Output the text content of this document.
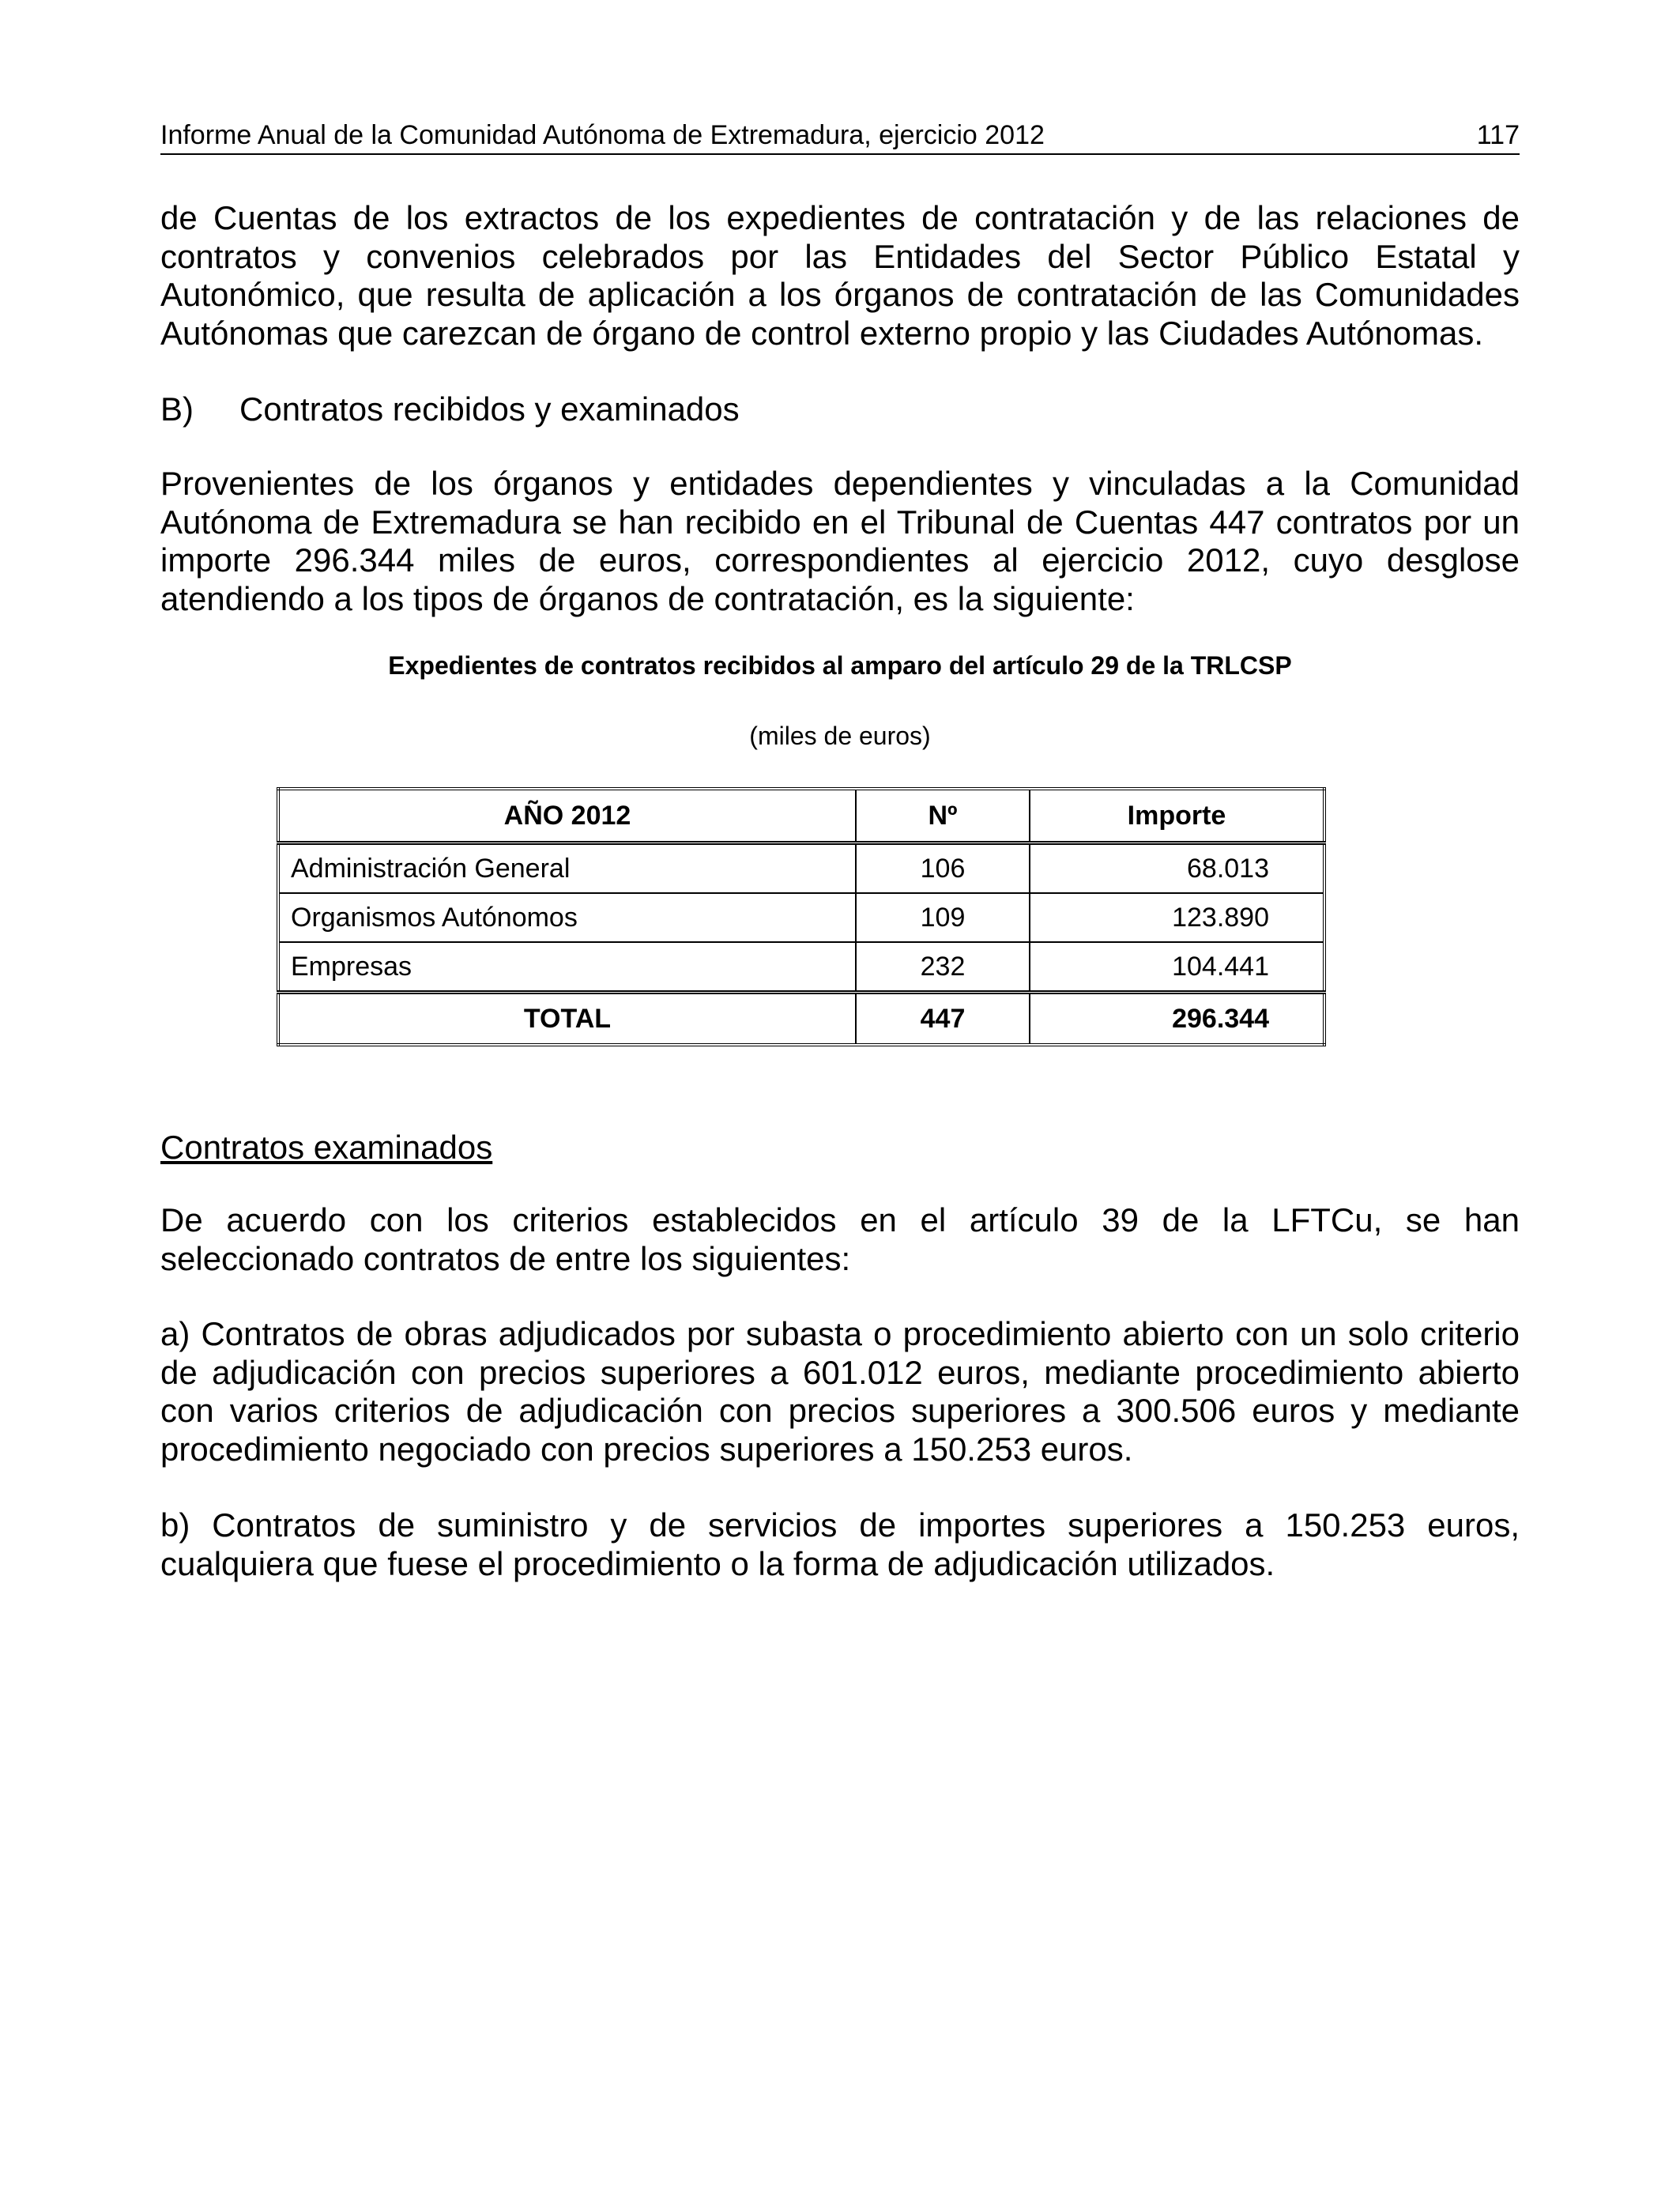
Informe Anual de la Comunidad Autónoma de Extremadura, ejercicio 2012	117

de Cuentas de los extractos de los expedientes de contratación y de las relaciones de contratos y convenios celebrados por las Entidades del Sector Público Estatal y Autonómico, que resulta de aplicación a los órganos de contratación de las Comunidades Autónomas que carezcan de órgano de control externo propio y las Ciudades Autónomas.

B) Contratos recibidos y examinados

Provenientes de los órganos y entidades dependientes y vinculadas a la Comunidad Autónoma de Extremadura se han recibido en el Tribunal de Cuentas 447 contratos por un importe 296.344 miles de euros, correspondientes al ejercicio 2012, cuyo desglose atendiendo a los tipos de órganos de contratación, es la siguiente:

Expedientes de contratos recibidos al amparo del artículo 29 de la TRLCSP
(miles de euros)
AÑO 2012	Nº	Importe
Administración General	106	68.013
Organismos Autónomos	109	123.890
Empresas	232	104.441
TOTAL	447	296.344
Contratos examinados

De acuerdo con los criterios establecidos en el artículo 39 de la LFTCu, se han seleccionado contratos de entre los siguientes:

a) Contratos de obras adjudicados por subasta o procedimiento abierto con un solo criterio de adjudicación con precios superiores a 601.012 euros, mediante procedimiento abierto con varios criterios de adjudicación con precios superiores a 300.506 euros y mediante procedimiento negociado con precios superiores a 150.253 euros.

b) Contratos de suministro y de servicios de importes superiores a 150.253 euros, cualquiera que fuese el procedimiento o la forma de adjudicación utilizados.
